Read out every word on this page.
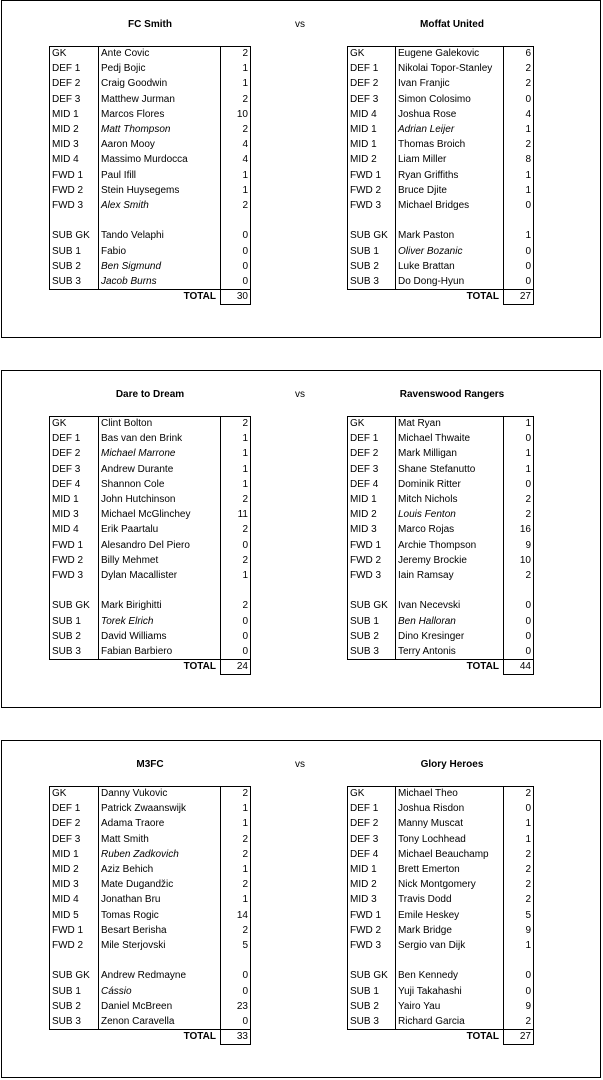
FC Smith	vs	Moffat United
GK	Ante Covic	2
DEF 1	Pedj Bojic	1
DEF 2	Craig Goodwin	1
DEF 3	Matthew Jurman	2
MID 1	Marcos Flores	10
MID 2	Matt Thompson	2
MID 3	Aaron Mooy	4
MID 4	Massimo Murdocca	4
FWD 1	Paul Ifill	1
FWD 2	Stein Huysegems	1
FWD 3	Alex Smith	2

SUB GK	Tando Velaphi	0
SUB 1	Fabio	0
SUB 2	Ben Sigmund	0
SUB 3	Jacob Burns	0
	TOTAL	30
GK	Eugene Galekovic	6
DEF 1	Nikolai Topor-Stanley	2
DEF 2	Ivan Franjic	2
DEF 3	Simon Colosimo	0
MID 4	Joshua Rose	4
MID 1	Adrian Leijer	1
MID 1	Thomas Broich	2
MID 2	Liam Miller	8
FWD 1	Ryan Griffiths	1
FWD 2	Bruce Djite	1
FWD 3	Michael Bridges	0

SUB GK	Mark Paston	1
SUB 1	Oliver Bozanic	0
SUB 2	Luke Brattan	0
SUB 3	Do Dong-Hyun	0
	TOTAL	27
Dare to Dream	vs	Ravenswood Rangers
GK	Clint Bolton	2
DEF 1	Bas van den Brink	1
DEF 2	Michael Marrone	1
DEF 3	Andrew Durante	1
DEF 4	Shannon Cole	1
MID 1	John Hutchinson	2
MID 3	Michael McGlinchey	11
MID 4	Erik Paartalu	2
FWD 1	Alesandro Del Piero	0
FWD 2	Billy Mehmet	2
FWD 3	Dylan Macallister	1

SUB GK	Mark Birighitti	2
SUB 1	Torek Elrich	0
SUB 2	David Williams	0
SUB 3	Fabian Barbiero	0
	TOTAL	24
GK	Mat Ryan	1
DEF 1	Michael Thwaite	0
DEF 2	Mark Milligan	1
DEF 3	Shane Stefanutto	1
DEF 4	Dominik Ritter	0
MID 1	Mitch Nichols	2
MID 2	Louis Fenton	2
MID 3	Marco Rojas	16
FWD 1	Archie Thompson	9
FWD 2	Jeremy Brockie	10
FWD 3	Iain Ramsay	2

SUB GK	Ivan Necevski	0
SUB 1	Ben Halloran	0
SUB 2	Dino Kresinger	0
SUB 3	Terry Antonis	0
	TOTAL	44
M3FC	vs	Glory Heroes
GK	Danny Vukovic	2
DEF 1	Patrick Zwaanswijk	1
DEF 2	Adama Traore	1
DEF 3	Matt Smith	2
MID 1	Ruben Zadkovich	2
MID 2	Aziz Behich	1
MID 3	Mate Dugandžic	2
MID 4	Jonathan Bru	1
MID 5	Tomas Rogic	14
FWD 1	Besart Berisha	2
FWD 2	Mile Sterjovski	5

SUB GK	Andrew Redmayne	0
SUB 1	Cássio	0
SUB 2	Daniel McBreen	23
SUB 3	Zenon Caravella	0
	TOTAL	33
GK	Michael Theo	2
DEF 1	Joshua Risdon	0
DEF 2	Manny Muscat	1
DEF 3	Tony Lochhead	1
DEF 4	Michael Beauchamp	2
MID 1	Brett Emerton	2
MID 2	Nick Montgomery	2
MID 3	Travis Dodd	2
FWD 1	Emile Heskey	5
FWD 2	Mark Bridge	9
FWD 3	Sergio van Dijk	1

SUB GK	Ben Kennedy	0
SUB 1	Yuji Takahashi	0
SUB 2	Yairo Yau	9
SUB 3	Richard Garcia	2
	TOTAL	27
